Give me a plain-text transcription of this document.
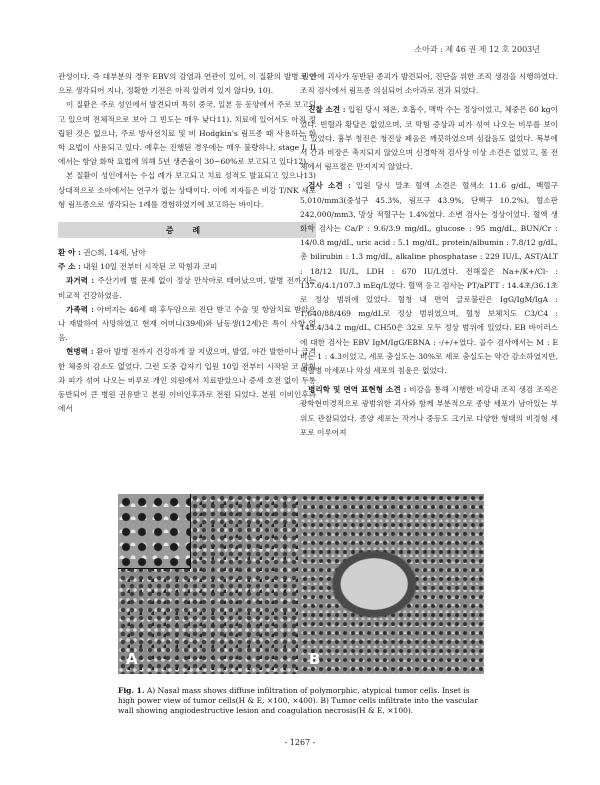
소아과 : 제 46 권 제 12 호 2003년

관성이다. 즉 대부분의 경우 EBV의 감염과 연관이 있어, 이 질환의 발병 원인으로 생각되어 지나, 정확한 기전은 아직 알려져 있지 않다9, 10).

이 질환은 주로 성인에서 발견되며 특히 중국, 일본 등 동양에서 주로 보고되고 있으며 전체적으로 보아 그 빈도는 매우 낮다11). 치료에 있어서도 아직 정립된 것은 없으나, 주로 방사선치료 및 비 Hodgkin's 림프종 때 사용하는 화학 요법이 사용되고 있다. 예후는 진행된 경우에는 매우 불량하나, stage I, II에서는 항암 화학 요법에 의해 5년 생존율이 30~60%로 보고되고 있다12).

본 질환이 성인에서는 수십 례가 보고되고 치료 성적도 발표되고 있으나13)상대적으로 소아에서는 연구가 없는 상태이다. 이에 저자들은 비강 T/NK 세포형 림프종으로 생각되는 1례를 경험하였기에 보고하는 바이다.

증 례

환 아 : 권○희, 14세, 남아

주 소 : 내원 10일 전부터 시작된 코 막힘과 코피

과거력 : 주산기에 별 문제 없이 정상 만삭아로 태어났으며, 발병 전까지는 비교적 건강하였음.

가족력 : 아버지는 46세 때 후두암으로 진단 받고 수술 및 항암치료 받았으나 재발하여 사망하였고 현재 어머니(39세)와 남동생(12세)은 특이 사항 없음.

현병력 : 환아 발병 전까지 건강하게 잘 지냈으며, 발열, 야간 발한이나 급격한 체중의 감소도 없었다. 그런 도중 갑자기 입원 10일 전부터 시작된 코 막힘과 피가 섞여 나오는 비루로 개인 의원에서 치료받았으나 증세 호전 없이 두통 동반되어 큰 병원 권유받고 본원 이비인후과로 전원 되었다. 본원 이비인후과에서

코 안에 괴사가 동반된 종괴가 발견되어, 진단을 위한 조직 생검을 시행하였다. 조직 검사에서 림프종 의심되어 소아과로 전과 되었다.

진찰 소견 : 입원 당시 체온, 호흡수, 맥박 수는 정상이었고, 체중은 60 kg이었다. 빈혈과 황달은 없었으며, 코 막힘 증상과 피가 섞여 나오는 비루를 보이고 있었다. 흉부 청진은 청진상 폐음은 깨끗하였으며 심잡음도 없었다. 복부에서 간과 비장은 촉지되지 않았으며 신경학적 검사상 이상 소견은 없었고, 몸 전체에서 림프절은 만져지지 않았다.

검사 소견 : 입원 당시 말초 혈액 소견은 혈색소 11.6 g/dL, 백혈구 5,010/mm3(중성구 45.3%, 림프구 43.9%, 단핵구 10.2%), 혈소판 242,000/mm3, 망상 적혈구는 1.4%였다. 소변 검사는 정상이었다. 혈액 생화학 검사는 Ca/P : 9.6/3.9 mg/dL, glucose : 95 mg/dL, BUN/Cr : 14/0.8 mg/dL, uric acid : 5.1 mg/dL, protein/albumin : 7.8/12 g/dL, 총 bilirubin : 1.3 mg/dL, alkaline phosphatase : 229 IU/L, AST/ALT : 18/12 IU/L, LDH : 670 IU/L였다. 전해질은 Na+/K+/Cl- : 137.6/4.1/107.3 mEq/L였다. 혈액 응고 검사는 PT/aPTT : 14.4초/36.1초로 정상 범위에 있었다. 혈청 내 면역 글로불린은 IgG/IgM/IgA : 1,640/88/469 mg/dL로 정상 범위였으며, 혈청 보체치도 C3/C4 : 145.4/34.2 mg/dL, CH50은 32로 모두 정상 범위에 있었다. EB 바이러스에 대한 검사는 EBV IgM/IgG/EBNA : -/+/+였다. 골수 검사에서는 M : E 비는 1 : 4.3이었고, 세포 충실도는 30%로 세포 충실도는 약간 감소하였지만, 백혈병 아세포나 악성 세포의 침윤은 없었다.

병리학 및 면역 표현형 소견 : 비강을 통해 시행한 비강내 조직 생검 조직은 광학현미경적으로 광범위한 괴사와 함께 부분적으로 종양 세포가 남아있는 부위도 관찰되었다. 종양 세포는 작거나 중등도 크기로 다양한 형태의 비정형 세포로 이루어져

A	B
Fig. 1. A) Nasal mass shows diffuse infiltration of polymorphic, atypical tumor cells. Inset is high power view of tumor cells(H & E, ×100, ×400). B) Tumor cells infiltrate into the vascular wall showing angiodestructive lesion and coagulation necrosis(H & E, ×100).
- 1267 -
